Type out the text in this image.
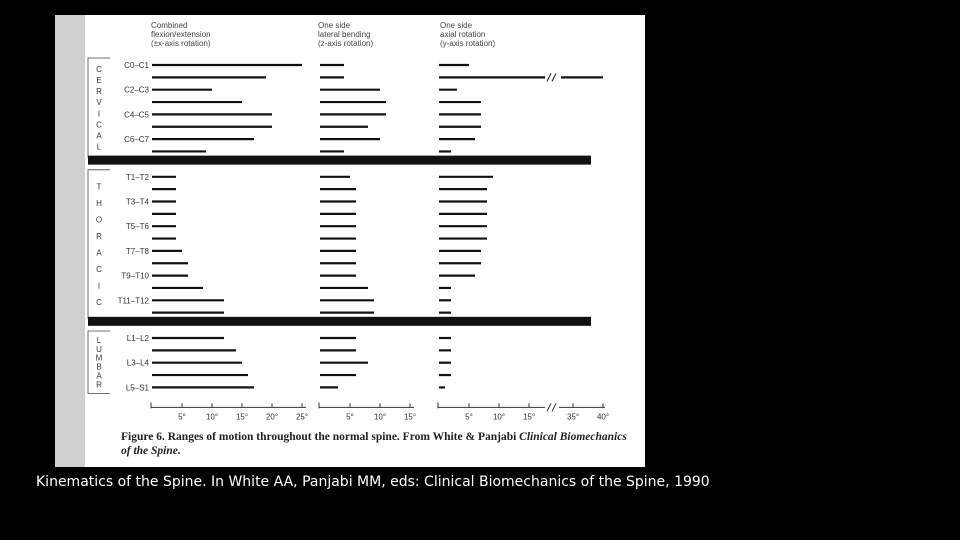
C
E
R
V
I
C
A
L
T
H
O
R
A
C
I
C
L
U
M
B
A
R
C0–C1
C2–C3
C4–C5
C6–C7
T1–T2
T3–T4
T5–T6
T7–T8
T9–T10
T11–T12
L1–L2
L3–L4
L5–S1
Combined
flexion/extension
(±x-axis rotation)
One side
lateral bending
(z-axis rotation)
One side
axial rotation
(y-axis rotation)
5°	10° 15° 20° 25°	5°	10° 15°	5°	10° 15°	35° 40°
Figure 6. Ranges of motion throughout the normal spine. From White & Panjabi Clinical Biomechanics of the Spine.
Kinematics of the Spine. In White AA, Panjabi MM, eds: Clinical Biomechanics of the Spine, 1990
